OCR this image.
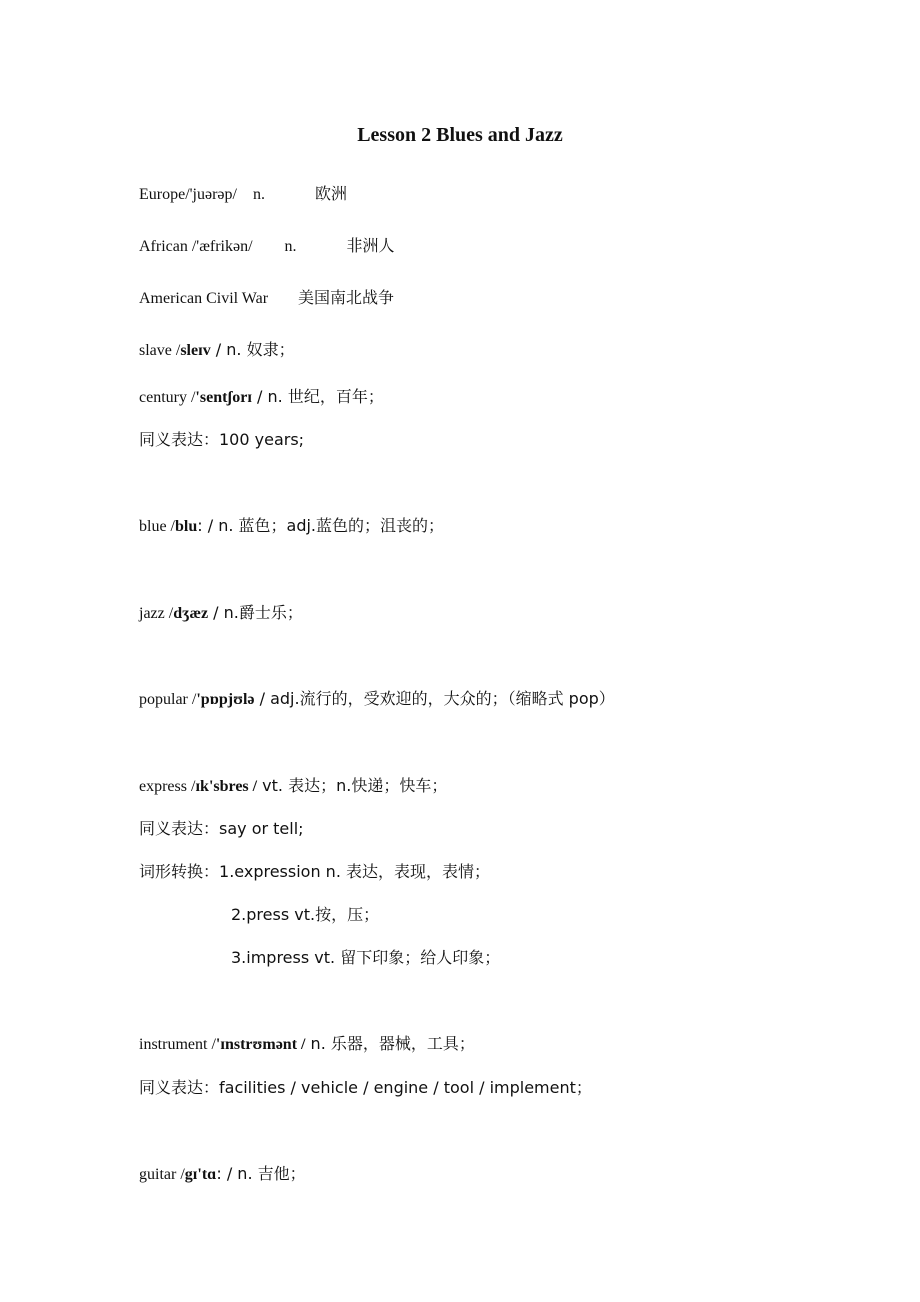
Lesson 2 Blues and Jazz
Europe/'juərəp/ n.	欧洲
African /'æfrikən/ n.	非洲人
American Civil War 美国南北战争
slave /sleɪv / n. 奴隶；
century /'sentʃorɪ / n. 世纪，百年；
同义表达：100 years;
blue /blu: / n. 蓝色；adj.蓝色的；沮丧的；
jazz /dʒæz / n.爵士乐；
popular /'pɒpjʊlə / adj.流行的，受欢迎的，大众的；（缩略式 pop）
express /ɪk'sbres / vt. 表达；n.快递；快车；
同义表达：say or tell;
词形转换：1.expression n. 表达，表现，表情；
2.press vt.按，压；
3.impress vt. 留下印象；给人印象；
instrument /'ɪnstrʊmənt / n. 乐器，器械，工具；
同义表达：facilities / vehicle / engine / tool / implement；
guitar /gɪ'tɑ: / n. 吉他；
